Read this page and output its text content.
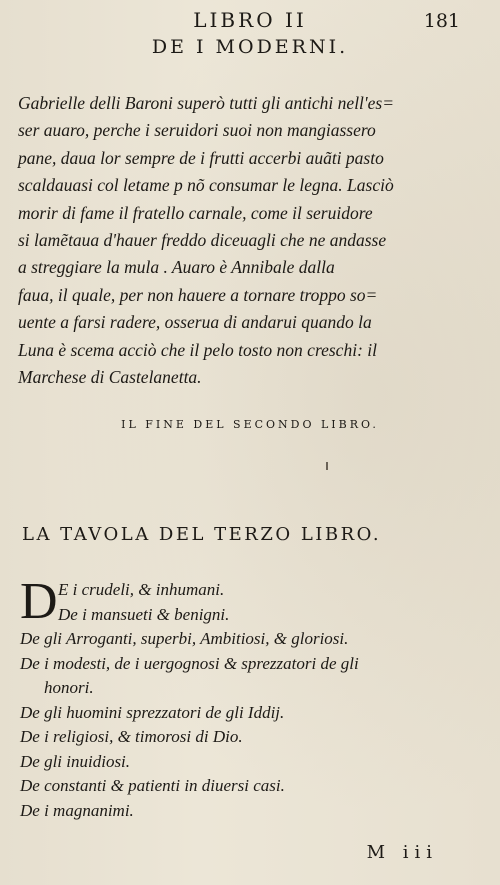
LIBRO II	181
DE I MODERNI.
Gabrielle delli Baroni superò tutti gli antichi nell'es=
ser auaro, perche i seruidori suoi non mangiassero
pane, daua lor sempre de i frutti accerbi auãti pasto
scaldauasi col letame p nõ consumar le legna. Lasciò
morir di fame il fratello carnale, come il seruidore
si lamẽtaua d'hauer freddo diceuagli che ne andasse
a streggiare la mula . Auaro è Annibale dalla
faua, il quale, per non hauere a tornare troppo so=
uente a farsi radere, osserua di andarui quando la
Luna è scema acciò che il pelo tosto non creschi: il
Marchese di Castelanetta.
IL FINE DEL SECONDO LIBRO.
LA TAVOLA DEL TERZO LIBRO.
D E i crudeli, & inhumani.
De i mansueti & benigni.
De gli Arroganti, superbi, Ambitiosi, & gloriosi.
De i modesti, de i uergognosi & sprezzatori de gli
honori.
De gli huomini sprezzatori de gli Iddij.
De i religiosi, & timorosi di Dio.
De gli inuidiosi.
De constanti & patienti in diuersi casi.
De i magnanimi.
M iii
